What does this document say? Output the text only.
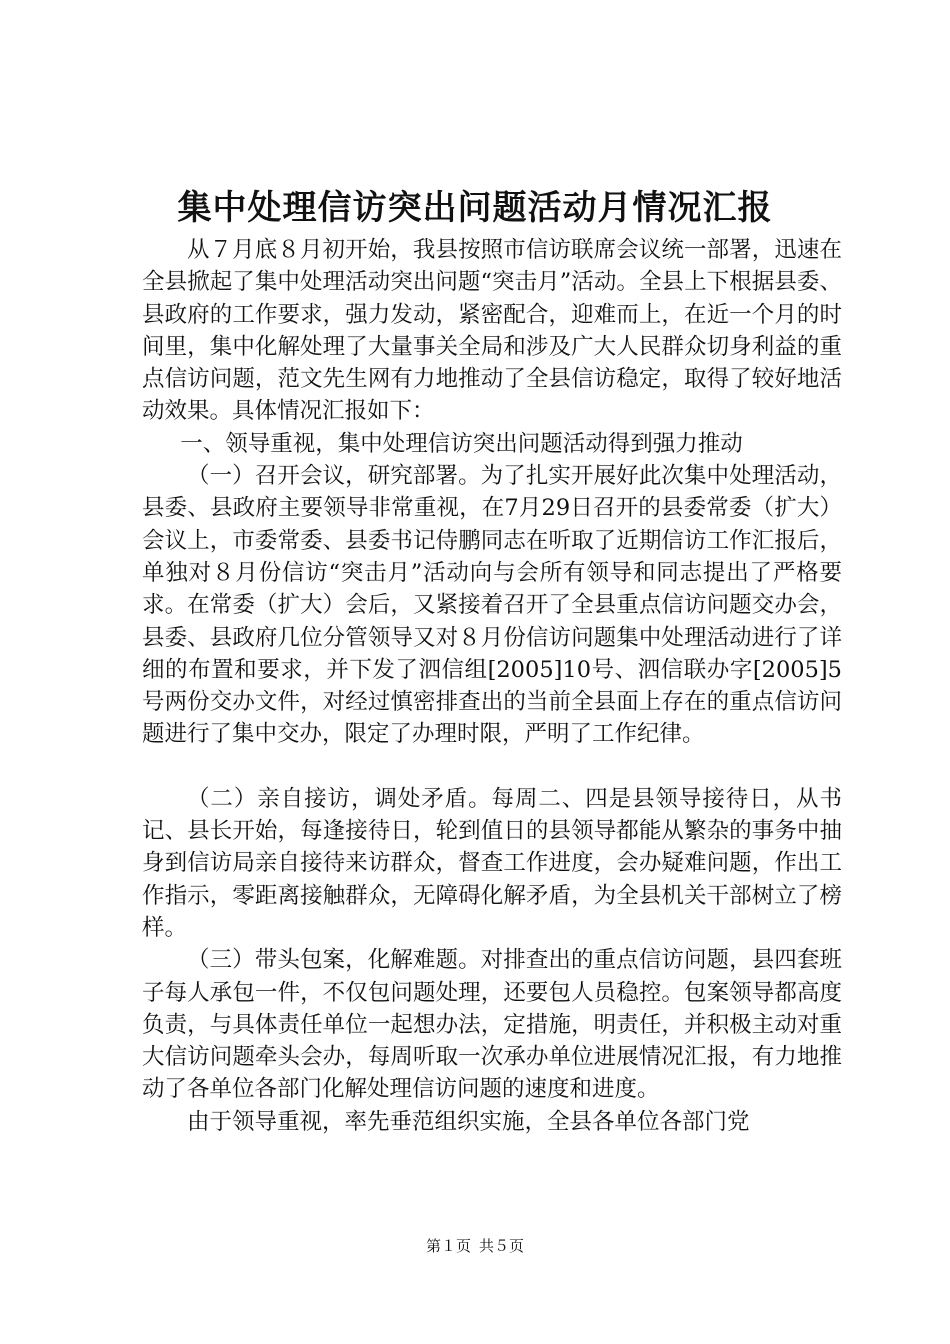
集中处理信访突出问题活动月情况汇报

从７月底８月初开始，我县按照市信访联席会议统一部署，迅速在全县掀起了集中处理活动突出问题“突击月”活动。全县上下根据县委、县政府的工作要求，强力发动，紧密配合，迎难而上，在近一个月的时间里，集中化解处理了大量事关全局和涉及广大人民群众切身利益的重点信访问题，范文先生网有力地推动了全县信访稳定，取得了较好地活动效果。具体情况汇报如下：

一、领导重视，集中处理信访突出问题活动得到强力推动

（一）召开会议，研究部署。为了扎实开展好此次集中处理活动，县委、县政府主要领导非常重视，在7月29日召开的县委常委（扩大）会议上，市委常委、县委书记侍鹏同志在听取了近期信访工作汇报后，单独对８月份信访“突击月”活动向与会所有领导和同志提出了严格要求。在常委（扩大）会后，又紧接着召开了全县重点信访问题交办会，县委、县政府几位分管领导又对８月份信访问题集中处理活动进行了详细的布置和要求，并下发了泗信组[2005]10号、泗信联办字[2005]5号两份交办文件，对经过慎密排查出的当前全县面上存在的重点信访问题进行了集中交办，限定了办理时限，严明了工作纪律。

（二）亲自接访，调处矛盾。每周二、四是县领导接待日，从书记、县长开始，每逢接待日，轮到值日的县领导都能从繁杂的事务中抽身到信访局亲自接待来访群众，督查工作进度，会办疑难问题，作出工作指示，零距离接触群众，无障碍化解矛盾，为全县机关干部树立了榜样。

（三）带头包案，化解难题。对排查出的重点信访问题，县四套班子每人承包一件，不仅包问题处理，还要包人员稳控。包案领导都高度负责，与具体责任单位一起想办法，定措施，明责任，并积极主动对重大信访问题牵头会办，每周听取一次承办单位进展情况汇报，有力地推动了各单位各部门化解处理信访问题的速度和进度。

由于领导重视，率先垂范组织实施，全县各单位各部门党

第１页 共５页
